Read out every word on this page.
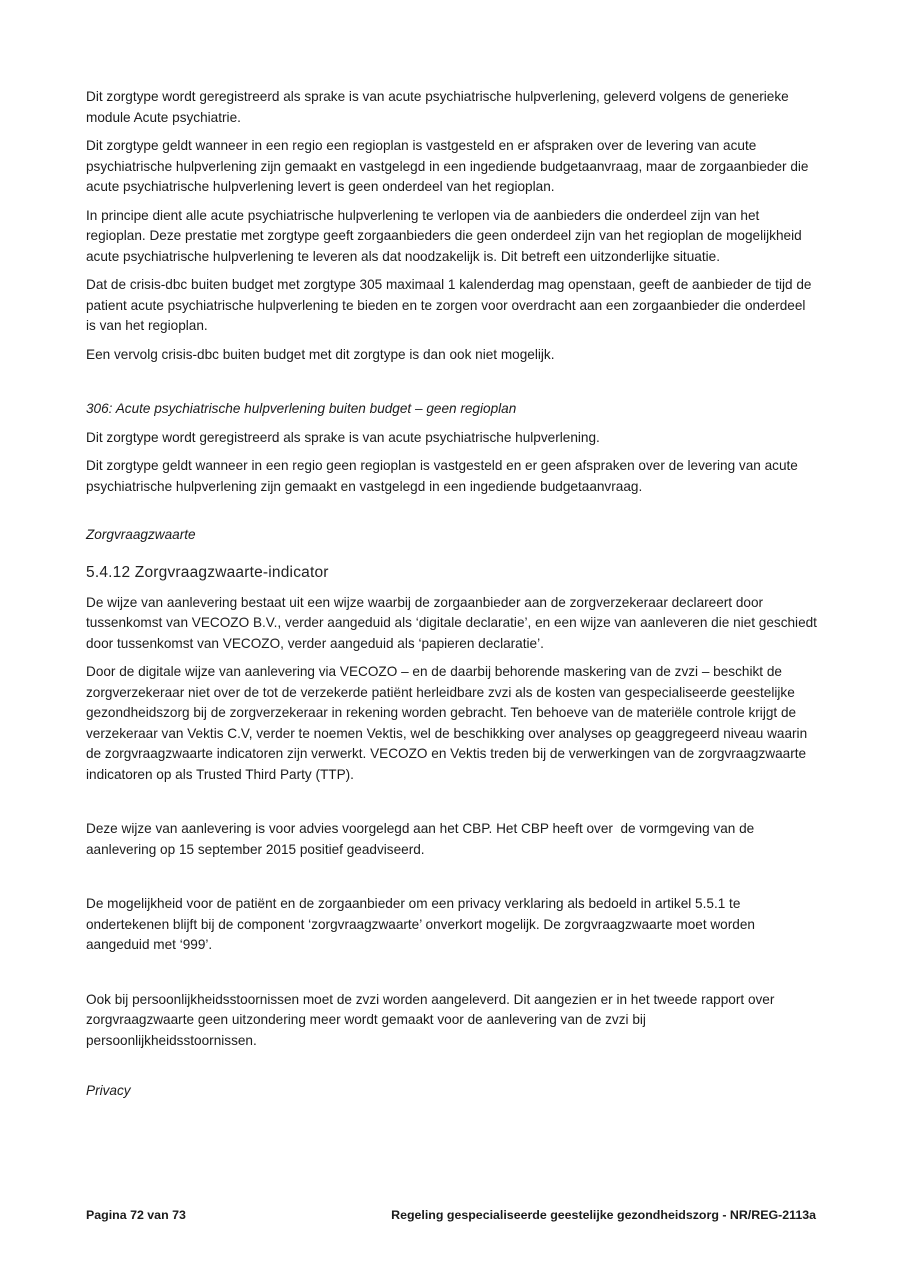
Dit zorgtype wordt geregistreerd als sprake is van acute psychiatrische hulpverlening, geleverd volgens de generieke module Acute psychiatrie.

Dit zorgtype geldt wanneer in een regio een regioplan is vastgesteld en er afspraken over de levering van acute psychiatrische hulpverlening zijn gemaakt en vastgelegd in een ingediende budgetaanvraag, maar de zorgaanbieder die acute psychiatrische hulpverlening levert is geen onderdeel van het regioplan.

In principe dient alle acute psychiatrische hulpverlening te verlopen via de aanbieders die onderdeel zijn van het regioplan. Deze prestatie met zorgtype geeft zorgaanbieders die geen onderdeel zijn van het regioplan de mogelijkheid acute psychiatrische hulpverlening te leveren als dat noodzakelijk is. Dit betreft een uitzonderlijke situatie.

Dat de crisis-dbc buiten budget met zorgtype 305 maximaal 1 kalenderdag mag openstaan, geeft de aanbieder de tijd de patient acute psychiatrische hulpverlening te bieden en te zorgen voor overdracht aan een zorgaanbieder die onderdeel is van het regioplan.

Een vervolg crisis-dbc buiten budget met dit zorgtype is dan ook niet mogelijk.

306: Acute psychiatrische hulpverlening buiten budget – geen regioplan

Dit zorgtype wordt geregistreerd als sprake is van acute psychiatrische hulpverlening.

Dit zorgtype geldt wanneer in een regio geen regioplan is vastgesteld en er geen afspraken over de levering van acute psychiatrische hulpverlening zijn gemaakt en vastgelegd in een ingediende budgetaanvraag.

Zorgvraagzwaarte
5.4.12 Zorgvraagzwaarte-indicator

De wijze van aanlevering bestaat uit een wijze waarbij de zorgaanbieder aan de zorgverzekeraar declareert door tussenkomst van VECOZO B.V., verder aangeduid als ‘digitale declaratie’, en een wijze van aanleveren die niet geschiedt door tussenkomst van VECOZO, verder aangeduid als ‘papieren declaratie’.

Door de digitale wijze van aanlevering via VECOZO – en de daarbij behorende maskering van de zvzi – beschikt de zorgverzekeraar niet over de tot de verzekerde patiënt herleidbare zvzi als de kosten van gespecialiseerde geestelijke gezondheidszorg bij de zorgverzekeraar in rekening worden gebracht. Ten behoeve van de materiële controle krijgt de verzekeraar van Vektis C.V, verder te noemen Vektis, wel de beschikking over analyses op geaggregeerd niveau waarin de zorgvraagzwaarte indicatoren zijn verwerkt. VECOZO en Vektis treden bij de verwerkingen van de zorgvraagzwaarte indicatoren op als Trusted Third Party (TTP).

Deze wijze van aanlevering is voor advies voorgelegd aan het CBP. Het CBP heeft over  de vormgeving van de aanlevering op 15 september 2015 positief geadviseerd.

De mogelijkheid voor de patiënt en de zorgaanbieder om een privacy verklaring als bedoeld in artikel 5.5.1 te ondertekenen blijft bij de component ‘zorgvraagzwaarte’ onverkort mogelijk. De zorgvraagzwaarte moet worden aangeduid met ‘999’.

Ook bij persoonlijkheidsstoornissen moet de zvzi worden aangeleverd. Dit aangezien er in het tweede rapport over zorgvraagzwaarte geen uitzondering meer wordt gemaakt voor de aanlevering van de zvzi bij persoonlijkheidsstoornissen.

Privacy
Pagina 72 van 73	Regeling gespecialiseerde geestelijke gezondheidszorg - NR/REG-2113a
